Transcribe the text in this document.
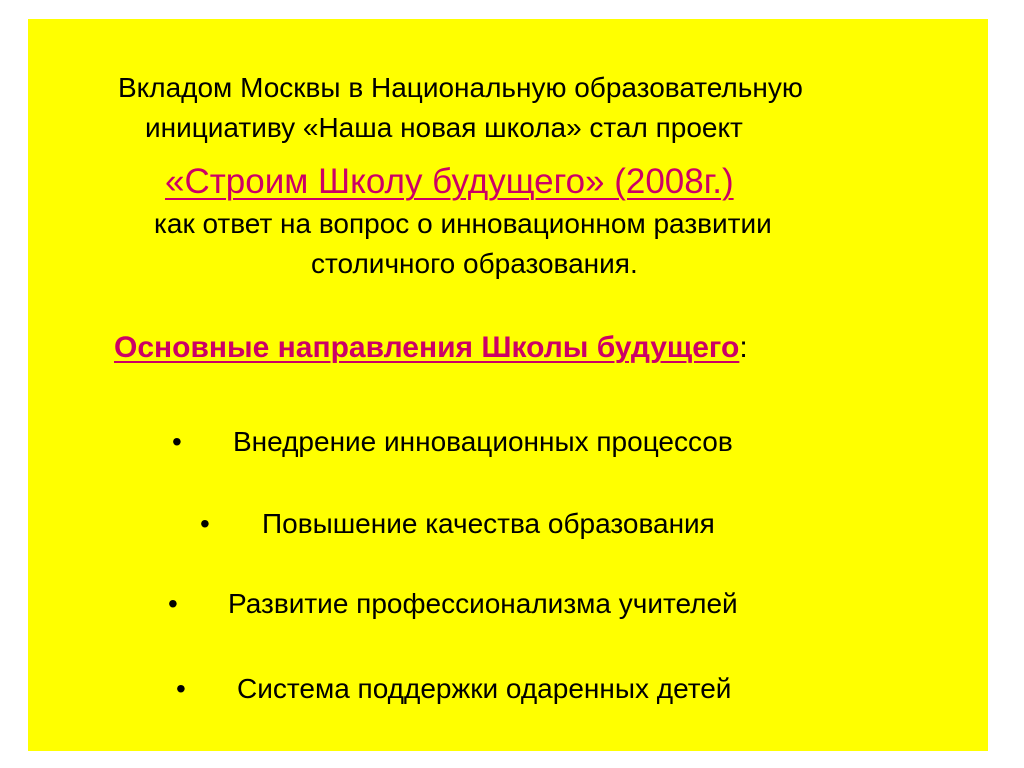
Вкладом Москвы в Национальную образовательную
инициативу «Наша новая школа» стал проект
«Строим Школу будущего» (2008г.)
как ответ на вопрос о инновационном развитии
столичного образования.
Основные направления Школы будущего:
• Внедрение инновационных процессов
• Повышение качества образования
• Развитие профессионализма учителей
• Система поддержки одаренных детей
